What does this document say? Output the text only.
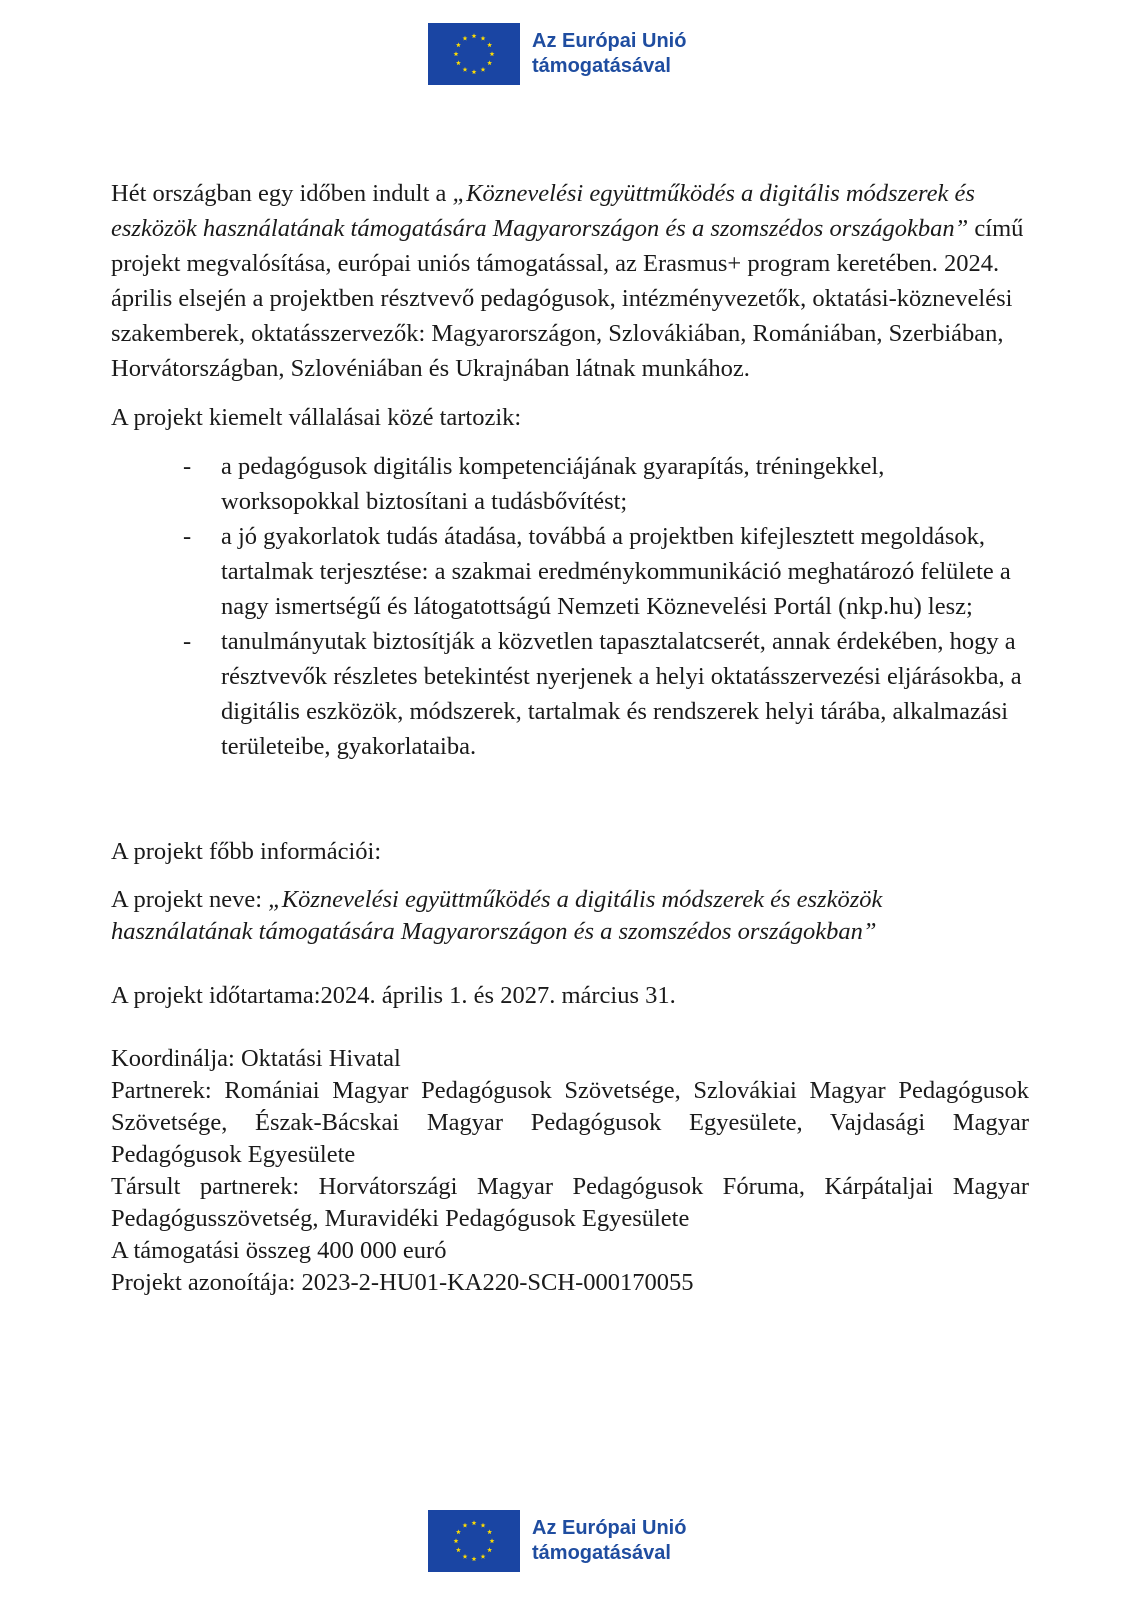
Az Európai Unió
támogatásával

Hét országban egy időben indult a „Köznevelési együttműködés a digitális módszerek és eszközök használatának támogatására Magyarországon és a szomszédos országokban” című projekt megvalósítása, európai uniós támogatással, az Erasmus+ program keretében. 2024. április elsején a projektben résztvevő pedagógusok, intézményvezetők, oktatási-köznevelési szakemberek, oktatásszervezők: Magyarországon, Szlovákiában, Romániában, Szerbiában, Horvátországban, Szlovéniában és Ukrajnában látnak munkához.

A projekt kiemelt vállalásai közé tartozik:

- a pedagógusok digitális kompetenciájának gyarapítás, tréningekkel, worksopokkal biztosítani a tudásbővítést;
- a jó gyakorlatok tudás átadása, továbbá a projektben kifejlesztett megoldások, tartalmak terjesztése: a szakmai eredménykommunikáció meghatározó felülete a nagy ismertségű és látogatottságú Nemzeti Köznevelési Portál (nkp.hu) lesz;
- tanulmányutak biztosítják a közvetlen tapasztalatcserét, annak érdekében, hogy a résztvevők részletes betekintést nyerjenek a helyi oktatásszervezési eljárásokba, a digitális eszközök, módszerek, tartalmak és rendszerek helyi tárába, alkalmazási területeibe, gyakorlataiba.

A projekt főbb információi:

A projekt neve: „Köznevelési együttműködés a digitális módszerek és eszközök használatának támogatására Magyarországon és a szomszédos országokban”

A projekt időtartama:2024. április 1. és 2027. március 31.

Koordinálja: Oktatási Hivatal

Partnerek: Romániai Magyar Pedagógusok Szövetsége, Szlovákiai Magyar Pedagógusok Szövetsége, Észak-Bácskai Magyar Pedagógusok Egyesülete, Vajdasági Magyar Pedagógusok Egyesülete

Társult partnerek: Horvátországi Magyar Pedagógusok Fóruma, Kárpátaljai Magyar Pedagógusszövetség, Muravidéki Pedagógusok Egyesülete

A támogatási összeg 400 000 euró

Projekt azonoítája: 2023-2-HU01-KA220-SCH-000170055

Az Európai Unió
támogatásával
